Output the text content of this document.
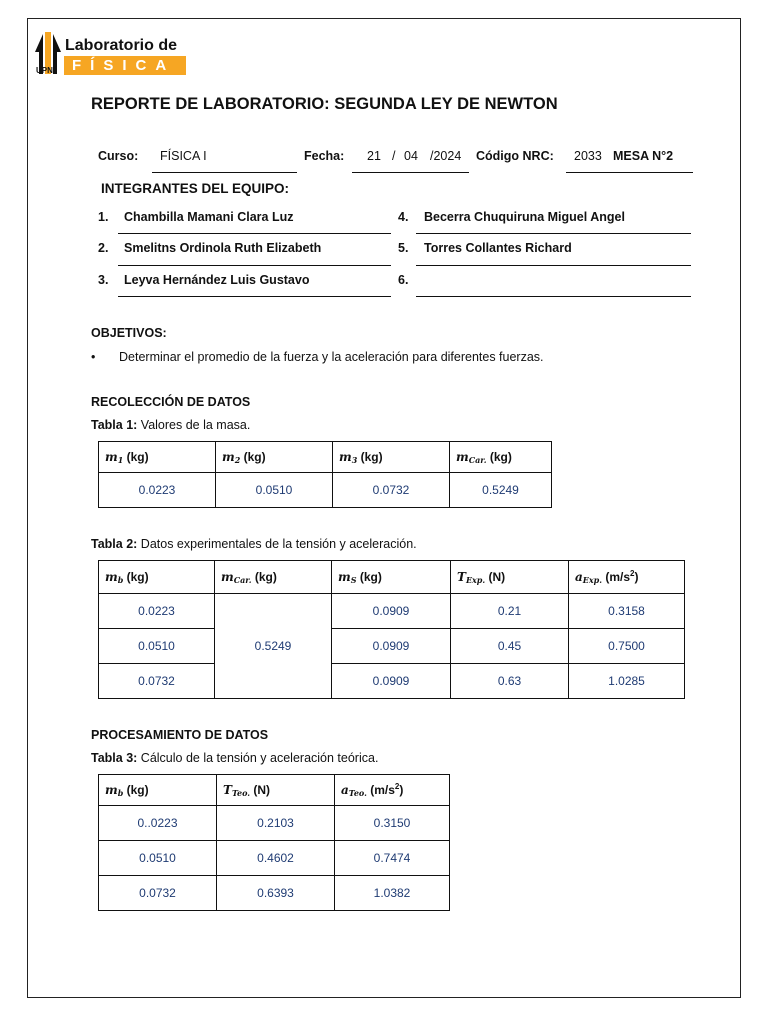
UPN
Laboratorio de
FÍSICA
REPORTE DE LABORATORIO: SEGUNDA LEY DE NEWTON
Curso: FÍSICA I	Fecha: 21 / 04 /2024 Código NRC: 2033 MESA N°2
INTEGRANTES DEL EQUIPO:
1. Chambilla Mamani Clara Luz
2. Smelitns Ordinola Ruth Elizabeth
3. Leyva Hernández Luis Gustavo
4. Becerra Chuquiruna Miguel Angel
5. Torres Collantes Richard
6.
OBJETIVOS:
• Determinar el promedio de la fuerza y la aceleración para diferentes fuerzas.
RECOLECCIÓN DE DATOS
Tabla 1: Valores de la masa.
$m_1$ (kg)	$m_2$ (kg)	$m_3$ (kg)	$m_{Car.}$ (kg)
0.0223	0.0510	0.0732	0.5249
Tabla 2: Datos experimentales de la tensión y aceleración.
$m_b$ (kg)	$m_{Car.}$ (kg)	$m_S$ (kg)	$T_{Exp.}$ (N)	$a_{Exp.}$ $(m/s^2)$
0.0223	0.5249	0.0909	0.21	0.3158
0.0510		0.0909	0.45	0.7500
0.0732		0.0909	0.63	1.0285
PROCESAMIENTO DE DATOS
Tabla 3: Cálculo de la tensión y aceleración teórica.
$m_b$ (kg)	$T_{Teo.}$ (N)	$a_{Teo.}$ $(m/s^2)$
0..0223	0.2103	0.3150
0.0510	0.4602	0.7474
0.0732	0.6393	1.0382
